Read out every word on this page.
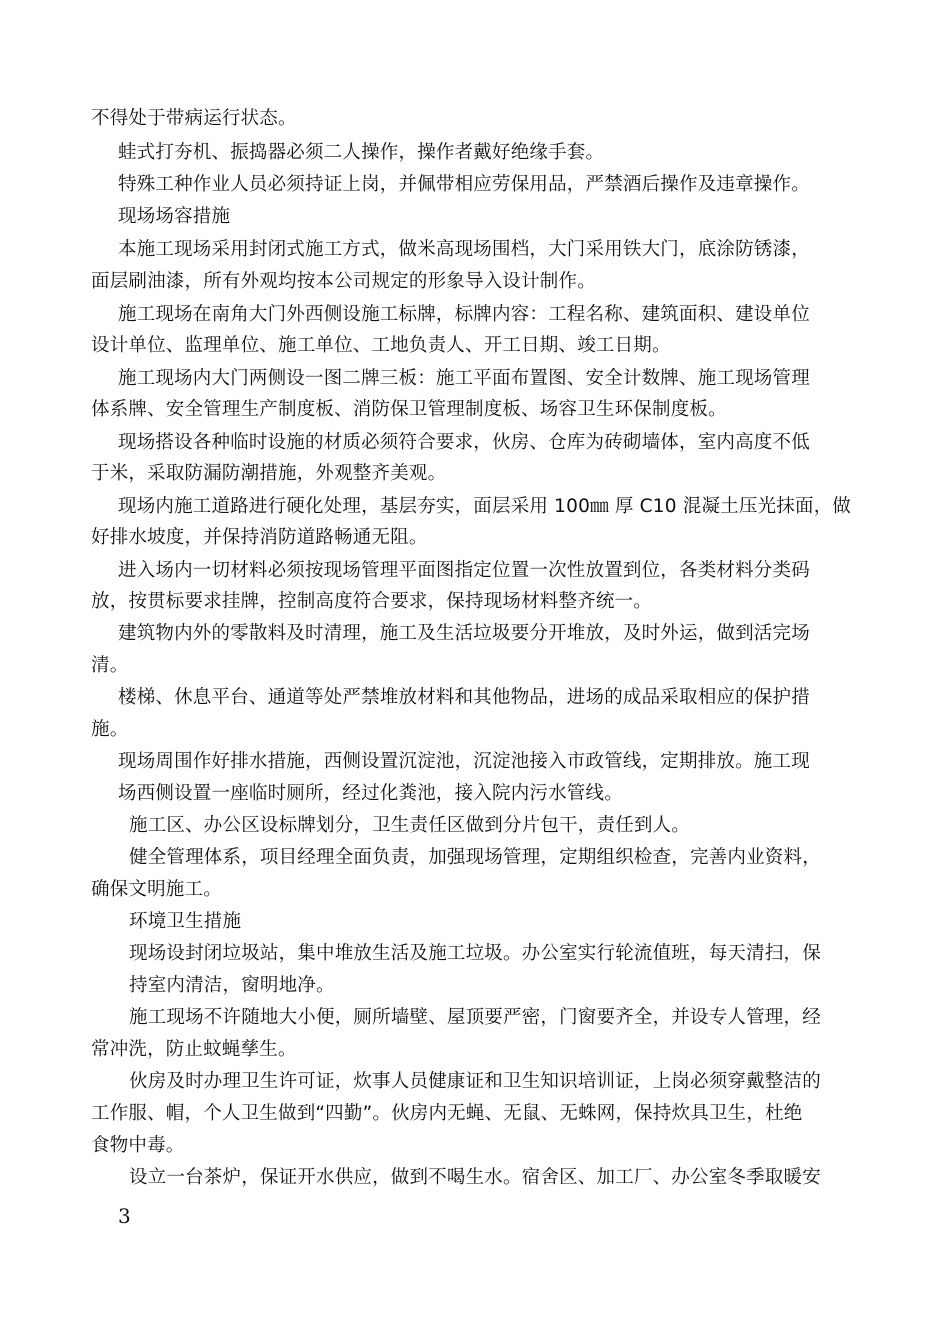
不得处于带病运行状态。
蛙式打夯机、振捣器必须二人操作，操作者戴好绝缘手套。
特殊工种作业人员必须持证上岗，并佩带相应劳保用品，严禁酒后操作及违章操作。
现场场容措施
本施工现场采用封闭式施工方式，做米高现场围档，大门采用铁大门，底涂防锈漆，
面层刷油漆，所有外观均按本公司规定的形象导入设计制作。
施工现场在南角大门外西侧设施工标牌，标牌内容：工程名称、建筑面积、建设单位
设计单位、监理单位、施工单位、工地负责人、开工日期、竣工日期。
施工现场内大门两侧设一图二牌三板：施工平面布置图、安全计数牌、施工现场管理
体系牌、安全管理生产制度板、消防保卫管理制度板、场容卫生环保制度板。
现场搭设各种临时设施的材质必须符合要求，伙房、仓库为砖砌墙体，室内高度不低
于米，采取防漏防潮措施，外观整齐美观。
现场内施工道路进行硬化处理，基层夯实，面层采用 100㎜ 厚 C10 混凝土压光抹面，做
好排水坡度，并保持消防道路畅通无阻。
进入场内一切材料必须按现场管理平面图指定位置一次性放置到位，各类材料分类码
放，按贯标要求挂牌，控制高度符合要求，保持现场材料整齐统一。
建筑物内外的零散料及时清理，施工及生活垃圾要分开堆放，及时外运，做到活完场
清。
楼梯、休息平台、通道等处严禁堆放材料和其他物品，进场的成品采取相应的保护措
施。
现场周围作好排水措施，西侧设置沉淀池，沉淀池接入市政管线，定期排放。施工现
场西侧设置一座临时厕所，经过化粪池，接入院内污水管线。
施工区、办公区设标牌划分，卫生责任区做到分片包干，责任到人。
健全管理体系，项目经理全面负责，加强现场管理，定期组织检查，完善内业资料，
确保文明施工。
环境卫生措施
现场设封闭垃圾站，集中堆放生活及施工垃圾。办公室实行轮流值班，每天清扫，保
持室内清洁，窗明地净。
施工现场不许随地大小便，厕所墙壁、屋顶要严密，门窗要齐全，并设专人管理，经
常冲洗，防止蚊蝇孳生。
伙房及时办理卫生许可证，炊事人员健康证和卫生知识培训证，上岗必须穿戴整洁的
工作服、帽，个人卫生做到“四勤”。伙房内无蝇、无鼠、无蛛网，保持炊具卫生，杜绝
食物中毒。
设立一台茶炉，保证开水供应，做到不喝生水。宿舍区、加工厂、办公室冬季取暖安
3
